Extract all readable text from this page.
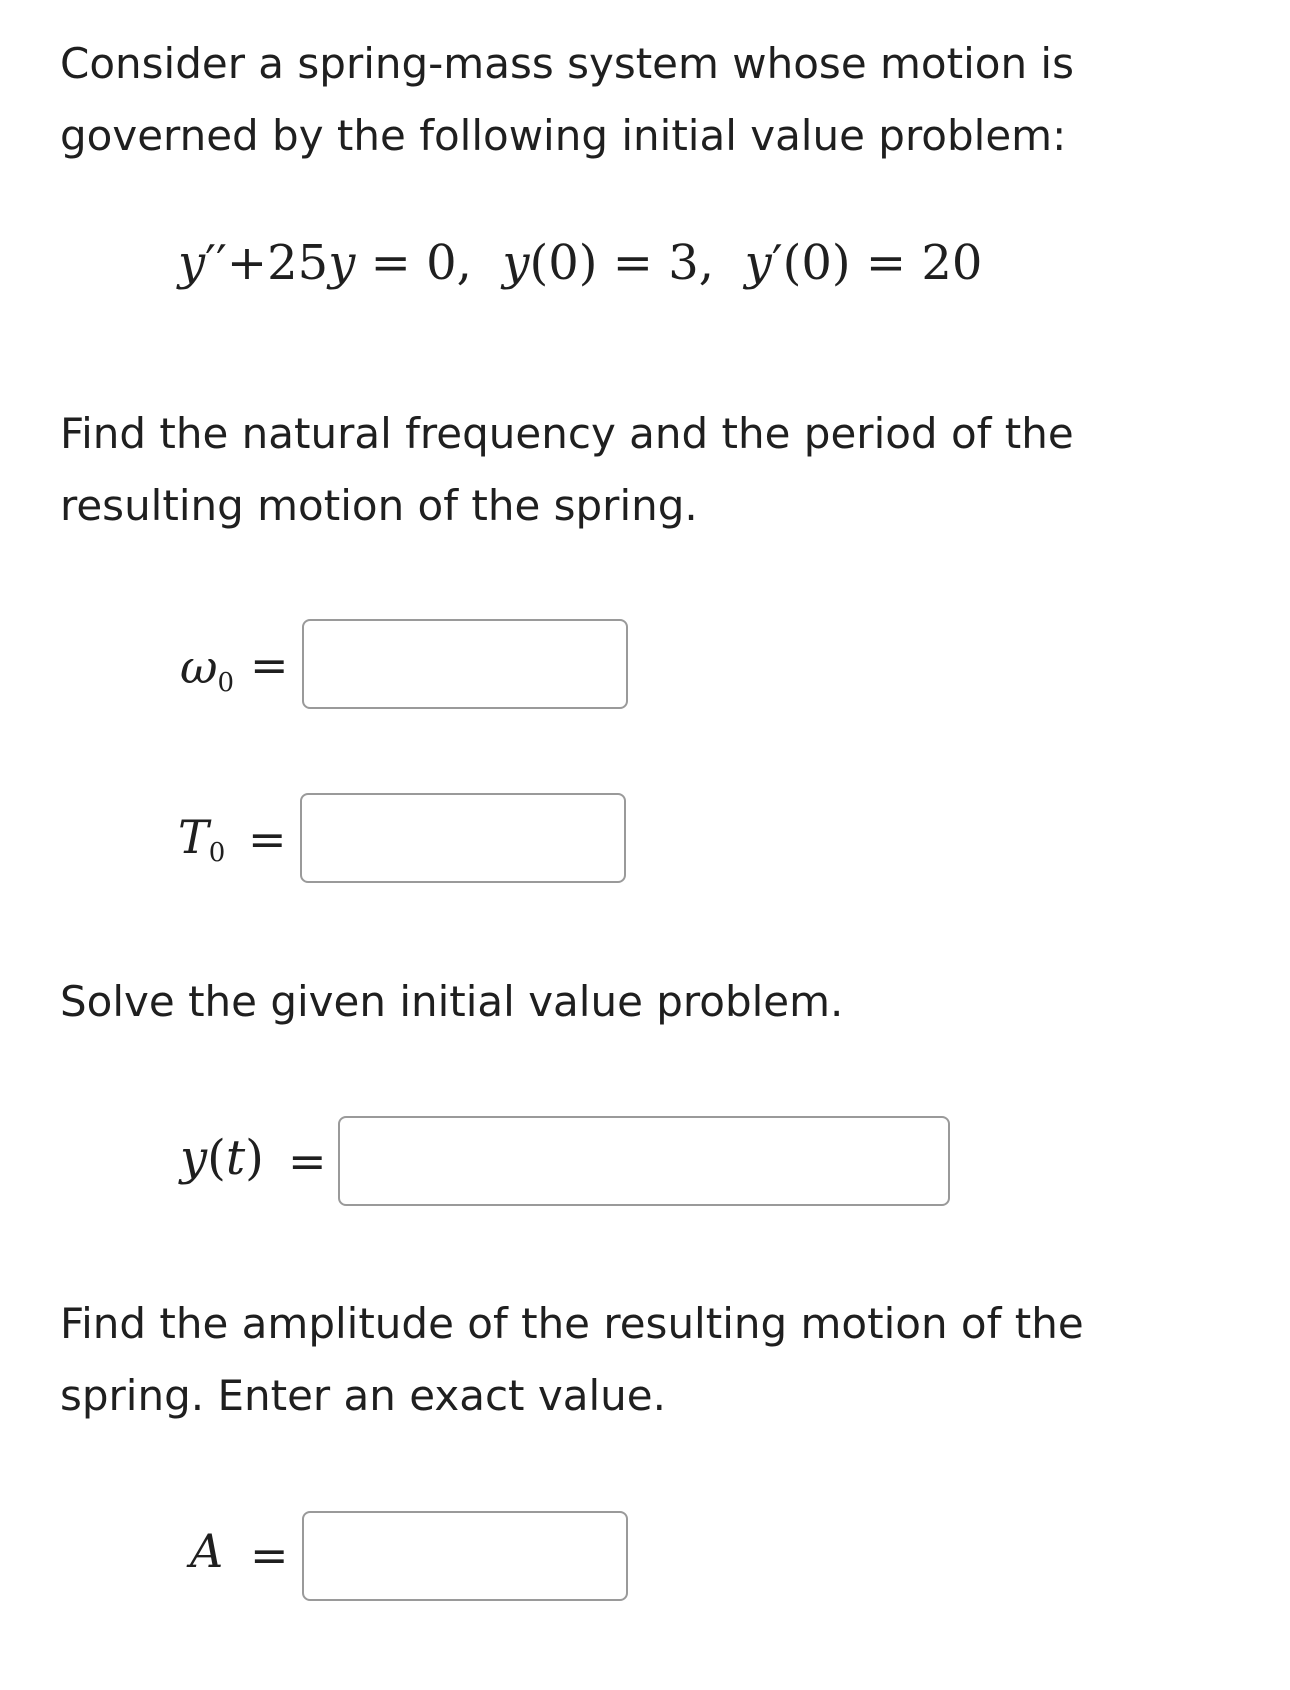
Consider a spring-mass system whose motion is
governed by the following initial value problem:

y′′+25y = 0,  y(0) = 3,  y′(0) = 20

Find the natural frequency and the period of the
resulting motion of the spring.

ω0 =
T0 =

Solve the given initial value problem.

y(t) =

Find the amplitude of the resulting motion of the
spring. Enter an exact value.

A =
